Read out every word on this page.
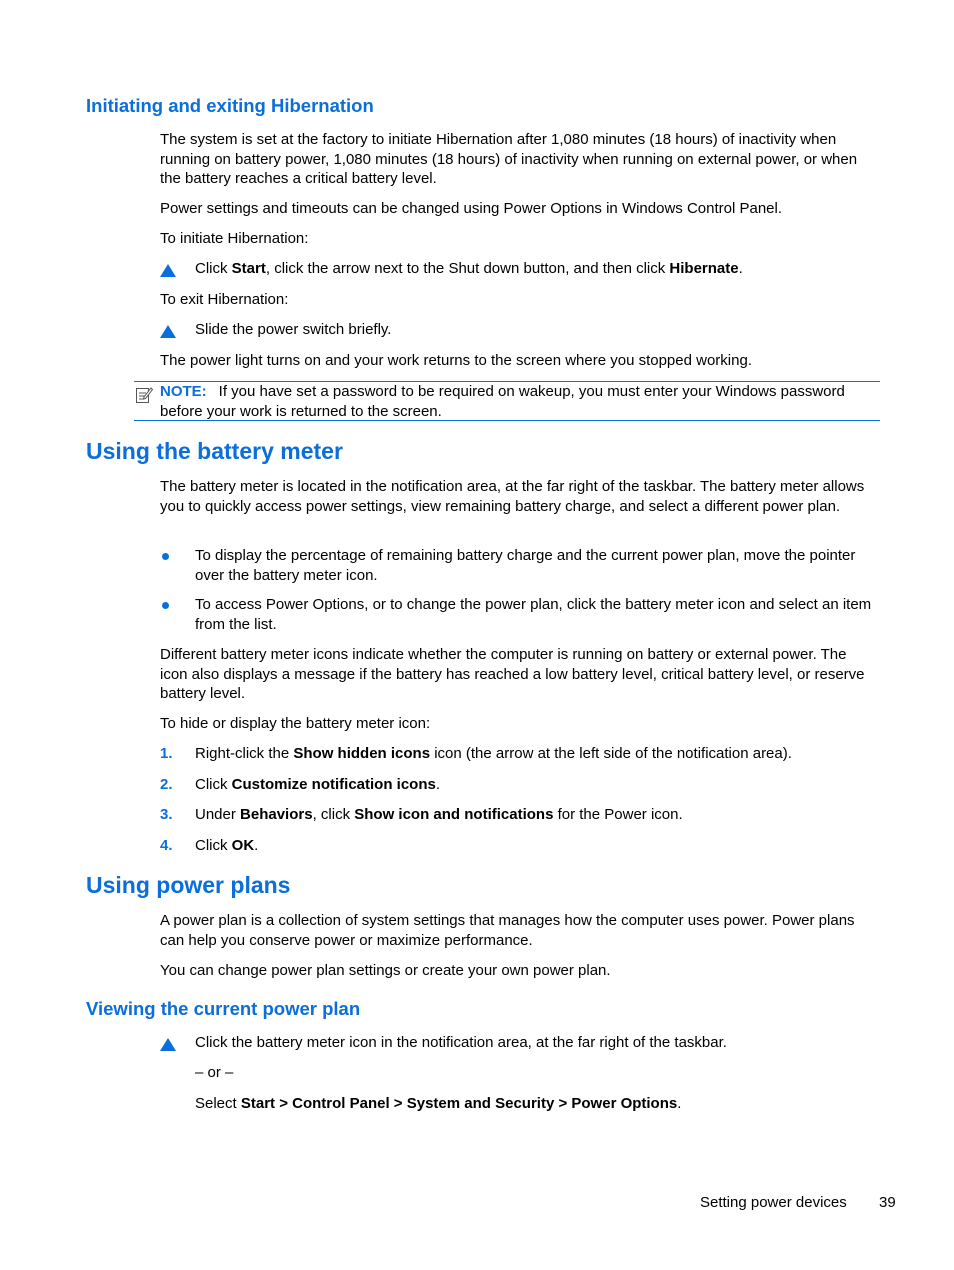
Initiating and exiting Hibernation

The system is set at the factory to initiate Hibernation after 1,080 minutes (18 hours) of inactivity when running on battery power, 1,080 minutes (18 hours) of inactivity when running on external power, or when the battery reaches a critical battery level.

Power settings and timeouts can be changed using Power Options in Windows Control Panel.

To initiate Hibernation:

Click Start, click the arrow next to the Shut down button, and then click Hibernate.

To exit Hibernation:

Slide the power switch briefly.

The power light turns on and your work returns to the screen where you stopped working.

NOTE: If you have set a password to be required on wakeup, you must enter your Windows password before your work is returned to the screen.
Using the battery meter

The battery meter is located in the notification area, at the far right of the taskbar. The battery meter allows you to quickly access power settings, view remaining battery charge, and select a different power plan.

To display the percentage of remaining battery charge and the current power plan, move the pointer over the battery meter icon.
To access Power Options, or to change the power plan, click the battery meter icon and select an item from the list.

Different battery meter icons indicate whether the computer is running on battery or external power. The icon also displays a message if the battery has reached a low battery level, critical battery level, or reserve battery level.

To hide or display the battery meter icon:

1.	Right-click the Show hidden icons icon (the arrow at the left side of the notification area).
2.	Click Customize notification icons.
3.	Under Behaviors, click Show icon and notifications for the Power icon.
4.	Click OK.
Using power plans

A power plan is a collection of system settings that manages how the computer uses power. Power plans can help you conserve power or maximize performance.

You can change power plan settings or create your own power plan.

Viewing the current power plan
Click the battery meter icon in the notification area, at the far right of the taskbar.

– or –

Select Start > Control Panel > System and Security > Power Options.

Setting power devices 39
